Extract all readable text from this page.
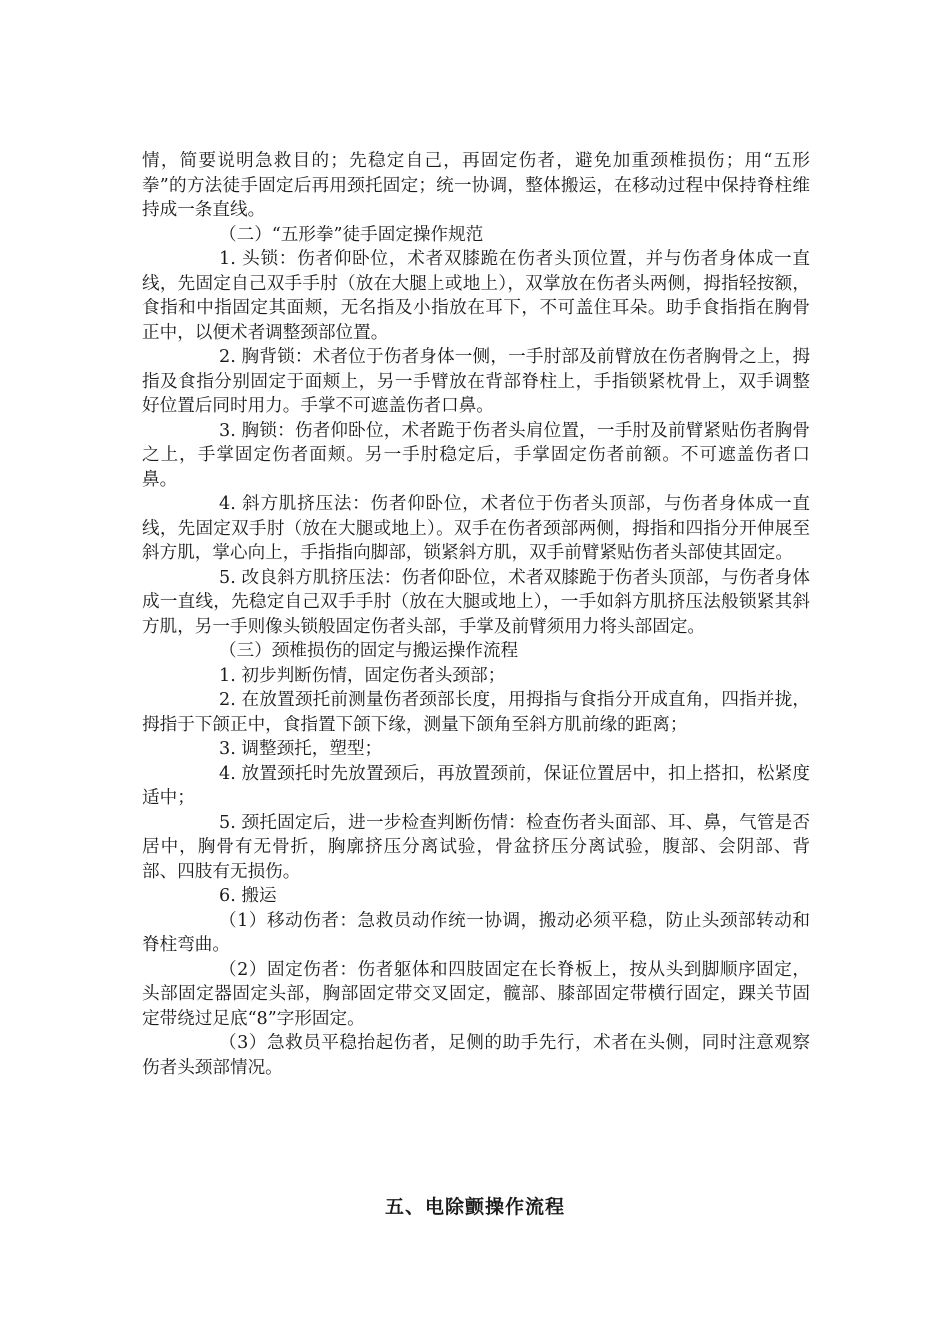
情，简要说明急救目的；先稳定自己，再固定伤者，避免加重颈椎损伤；用“五形拳”的方法徒手固定后再用颈托固定；统一协调，整体搬运，在移动过程中保持脊柱维持成一条直线。

（二）“五形拳”徒手固定操作规范

1. 头锁：伤者仰卧位，术者双膝跪在伤者头顶位置，并与伤者身体成一直线，先固定自己双手手肘（放在大腿上或地上），双掌放在伤者头两侧，拇指轻按额，食指和中指固定其面颊，无名指及小指放在耳下，不可盖住耳朵。助手食指指在胸骨正中，以便术者调整颈部位置。

2. 胸背锁：术者位于伤者身体一侧，一手肘部及前臂放在伤者胸骨之上，拇指及食指分别固定于面颊上，另一手臂放在背部脊柱上，手指锁紧枕骨上，双手调整好位置后同时用力。手掌不可遮盖伤者口鼻。

3. 胸锁：伤者仰卧位，术者跪于伤者头肩位置，一手肘及前臂紧贴伤者胸骨之上，手掌固定伤者面颊。另一手肘稳定后，手掌固定伤者前额。不可遮盖伤者口鼻。

4. 斜方肌挤压法：伤者仰卧位，术者位于伤者头顶部，与伤者身体成一直线，先固定双手肘（放在大腿或地上）。双手在伤者颈部两侧，拇指和四指分开伸展至斜方肌，掌心向上，手指指向脚部，锁紧斜方肌，双手前臂紧贴伤者头部使其固定。

5. 改良斜方肌挤压法：伤者仰卧位，术者双膝跪于伤者头顶部，与伤者身体成一直线，先稳定自己双手手肘（放在大腿或地上），一手如斜方肌挤压法般锁紧其斜方肌，另一手则像头锁般固定伤者头部，手掌及前臂须用力将头部固定。

（三）颈椎损伤的固定与搬运操作流程

1. 初步判断伤情，固定伤者头颈部；

2. 在放置颈托前测量伤者颈部长度，用拇指与食指分开成直角，四指并拢，拇指于下颌正中，食指置下颌下缘，测量下颌角至斜方肌前缘的距离；

3. 调整颈托，塑型；

4. 放置颈托时先放置颈后，再放置颈前，保证位置居中，扣上搭扣，松紧度适中；

5. 颈托固定后，进一步检查判断伤情：检查伤者头面部、耳、鼻，气管是否居中，胸骨有无骨折，胸廓挤压分离试验，骨盆挤压分离试验，腹部、会阴部、背部、四肢有无损伤。

6. 搬运

（1）移动伤者：急救员动作统一协调，搬动必须平稳，防止头颈部转动和脊柱弯曲。

（2）固定伤者：伤者躯体和四肢固定在长脊板上，按从头到脚顺序固定，头部固定器固定头部，胸部固定带交叉固定，髋部、膝部固定带横行固定，踝关节固定带绕过足底“8”字形固定。

（3）急救员平稳抬起伤者，足侧的助手先行，术者在头侧，同时注意观察伤者头颈部情况。

五、电除颤操作流程
